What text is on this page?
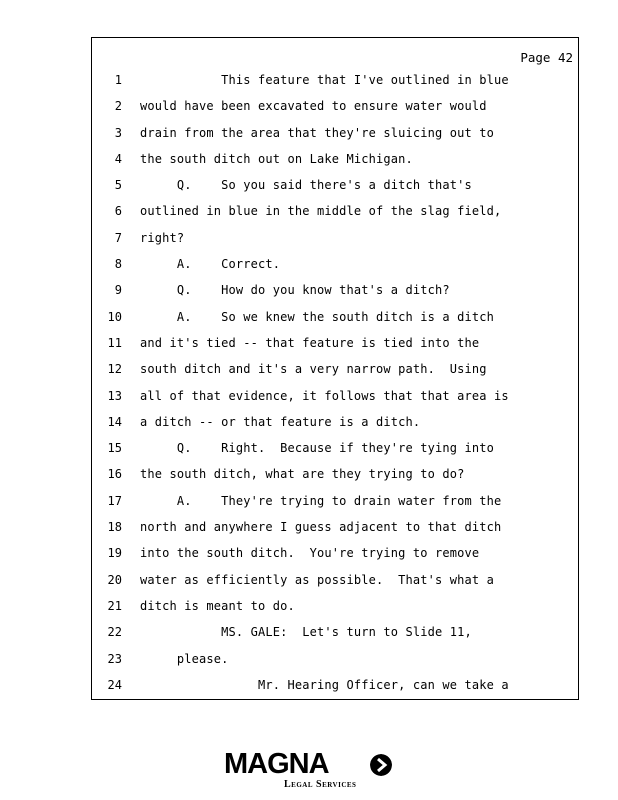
Page 42
1 This feature that I've outlined in blue
2 would have been excavated to ensure water would
3 drain from the area that they're sluicing out to
4 the south ditch out on Lake Michigan.
5 Q.    So you said there's a ditch that's
6 outlined in blue in the middle of the slag field,
7 right?
8 A.    Correct.
9 Q.    How do you know that's a ditch?
10 A.    So we knew the south ditch is a ditch
11 and it's tied -- that feature is tied into the
12 south ditch and it's a very narrow path.  Using
13 all of that evidence, it follows that that area is
14 a ditch -- or that feature is a ditch.
15 Q.    Right.  Because if they're tying into
16 the south ditch, what are they trying to do?
17 A.    They're trying to drain water from the
18 north and anywhere I guess adjacent to that ditch
19 into the south ditch.  You're trying to remove
20 water as efficiently as possible.  That's what a
21 ditch is meant to do.
22 MS. GALE:  Let's turn to Slide 11,
23 please.
24 Mr. Hearing Officer, can we take a
MAGNA
Legal Services
